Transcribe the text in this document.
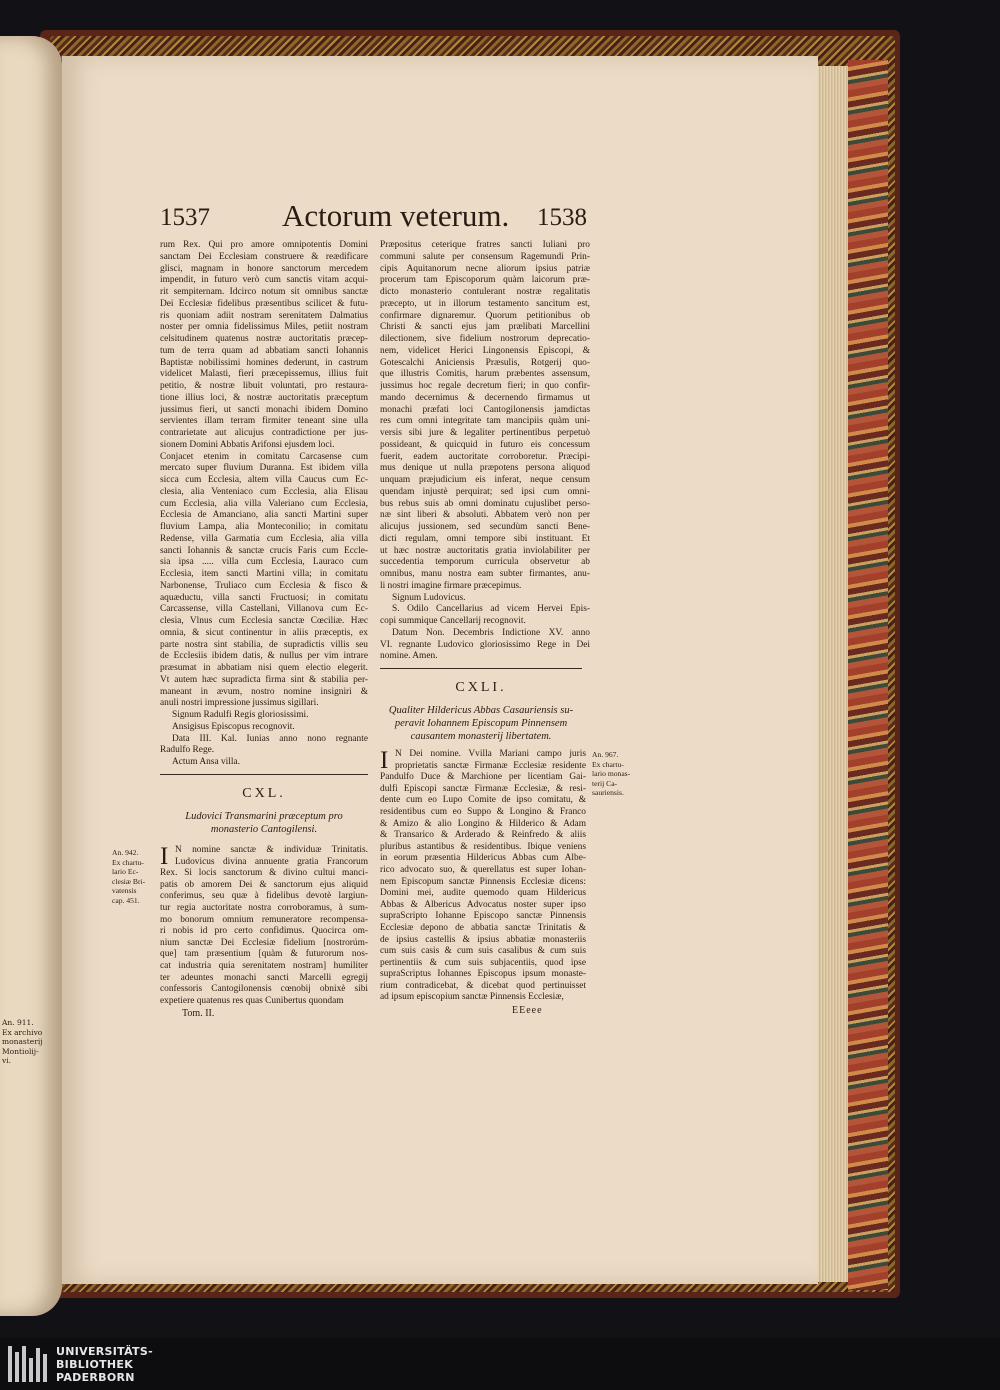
An. 911.
Ex archivo
monasterij
Montiolij-
vi.
1537 Actorum veterum. 1538
rum Rex. Qui pro amore omnipotentis Domini
sanctam Dei Ecclesiam construere & reædificare
glisci, magnam in honore sanctorum mercedem
impendit, in futuro verò cum sanctis vitam acqui-
rit sempiternam. Idcirco notum sit omnibus sanctæ
Dei Ecclesiæ fidelibus præsentibus scilicet & futu-
ris quoniam adiit nostram serenitatem Dalmatius
noster per omnia fidelissimus Miles, petiit nostram
celsitudinem quatenus nostræ auctoritatis præcep-
tum de terra quam ad abbatiam sancti Iohannis
Baptistæ nobilissimi homines dederunt, in castrum
videlicet Malasti, fieri præcepissemus, illius fuit
petitio, & nostræ libuit voluntati, pro restaura-
tione illius loci, & nostræ auctoritatis præceptum
jussimus fieri, ut sancti monachi ibidem Domino
servientes illam terram firmiter teneant sine ulla
contrarietate aut alicujus contradictione per jus-
sionem Domini Abbatis Arifonsi ejusdem loci.
Conjacet etenim in comitatu Carcasense cum
mercato super fluvium Duranna. Est ibidem villa
sicca cum Ecclesia, altem villa Caucus cum Ec-
clesia, alia Venteniaco cum Ecclesia, alia Elisau
cum Ecclesia, alia villa Valeriano cum Ecclesia,
Ecclesia de Amanciano, alia sancti Martini super
fluvium Lampa, alia Monteconilio; in comitatu
Redense, villa Garmatia cum Ecclesia, alia villa
sancti Iohannis & sanctæ crucis Faris cum Eccle-
sia ipsa ..... villa cum Ecclesia, Lauraco cum
Ecclesia, item sancti Martini villa; in comitatu
Narbonense, Truliaco cum Ecclesia & fisco &
aquæductu, villa sancti Fructuosi; in comitatu
Carcassense, villa Castellani, Villanova cum Ec-
clesia, Vlnus cum Ecclesia sanctæ Cœciliæ. Hæc
omnia, & sicut continentur in aliis præceptis, ex
parte nostra sint stabilia, de supradictis villis seu
de Ecclesiis ibidem datis, & nullus per vim intrare
præsumat in abbatiam nisi quem electio elegerit.
Vt autem hæc supradicta firma sint & stabilia per-
maneant in ævum, nostro nomine insigniri &
anuli nostri impressione jussimus sigillari.
Signum Radulfi Regis gloriosissimi.
Ansigisus Episcopus recognovit.
Data III. Kal. Iunias anno nono regnante
Radulfo Rege.
Actum Ansa villa.
Præpositus ceterique fratres sancti Iuliani pro
communi salute per consensum Ragemundi Prin-
cipis Aquitanorum necne aliorum ipsius patriæ
procerum tam Episcoporum quàm laicorum præ-
dicto monasterio contulerant nostræ regalitatis
præcepto, ut in illorum testamento sancitum est,
confirmare dignaremur. Quorum petitionibus ob
Christi & sancti ejus jam prælibati Marcellini
dilectionem, sive fidelium nostrorum deprecatio-
nem, videlicet Herici Lingonensis Episcopi, &
Gotescalchi Aniciensis Præsulis, Rotgerij quo-
que illustris Comitis, harum præbentes assensum,
jussimus hoc regale decretum fieri; in quo confir-
mando decernimus & decernendo firmamus ut
monachi præfati loci Cantogilonensis jamdictas
res cum omni integritate tam mancipiis quàm uni-
versis sibi jure & legaliter pertinentibus perpetuò
possideant, & quicquid in futuro eis concessum
fuerit, eadem auctoritate corroboretur. Præcipi-
mus denique ut nulla præpotens persona aliquod
unquam præjudicium eis inferat, neque censum
quendam injustè perquirat; sed ipsi cum omni-
bus rebus suis ab omni dominatu cujuslibet perso-
næ sint liberi & absoluti. Abbatem verò non per
alicujus jussionem, sed secundùm sancti Bene-
dicti regulam, omni tempore sibi instituant. Et
ut hæc nostræ auctoritatis gratia inviolabiliter per
succedentia temporum curricula observetur ab
omnibus, manu nostra eam subter firmantes, anu-
li nostri imagine firmare præcepimus.
Signum Ludovicus.
S. Odilo Cancellarius ad vicem Hervei Epis-
copi summique Cancellarij recognovit.
Datum Non. Decembris Indictione XV. anno
VI. regnante Ludovico gloriosissimo Rege in Dei
nomine. Amen.
CXL.
Ludovici Transmarini præceptum pro
monasterio Cantogilensi.
I N nomine sanctæ & individuæ Trinitatis.
Ludovicus divina annuente gratia Francorum
Rex. Si locis sanctorum & divino cultui manci-
patis ob amorem Dei & sanctorum ejus aliquid
conferimus, seu quæ à fidelibus devotè largiun-
tur regia auctoritate nostra corroboramus, à sum-
mo bonorum omnium remuneratore recompensa-
ri nobis id pro certo confidimus. Quocirca om-
nium sanctæ Dei Ecclesiæ fidelium [nostrorúm-
que] tam præsentium [quàm & futurorum nos-
cat industria quia serenitatem nostram] humiliter
ter adeuntes monachi sancti Marcelli egregij
confessoris Cantogilonensis cœnobij obnixè sibi
expetiere quatenus res quas Cunibertus quondam
An. 942.
Ex chartu-
lario Ec-
clesiæ Bri-
vatensis
cap. 451.
Tom. II.
CXLI.
Qualiter Hildericus Abbas Casauriensis su-
peravit Iohannem Episcopum Pinnensem
causantem monasterij libertatem.
I N Dei nomine. Vvilla Mariani campo juris
proprietatis sanctæ Firmanæ Ecclesiæ residente
Pandulfo Duce & Marchione per licentiam Gai-
dulfi Episcopi sanctæ Firmanæ Ecclesiæ, & resi-
dente cum eo Lupo Comite de ipso comitatu, &
residentibus cum eo Suppo & Longino & Franco
& Amizo & alio Longino & Hilderico & Adam
& Transarico & Arderado & Reinfredo & aliis
pluribus astantibus & residentibus. Ibique veniens
in eorum præsentia Hildericus Abbas cum Albe-
rico advocato suo, & querellatus est super Iohan-
nem Episcopum sanctæ Pinnensis Ecclesiæ dicens:
Domini mei, audite quemodo quam Hildericus
Abbas & Albericus Advocatus noster super ipso
supraScripto Iohanne Episcopo sanctæ Pinnensis
Ecclesiæ depono de abbatia sanctæ Trinitatis &
de ipsius castellis & ipsius abbatiæ monasteriis
cum suis casis & cum suis casalibus & cum suis
pertinentiis & cum suis subjacentiis, quod ipse
supraScriptus Iohannes Episcopus ipsum monaste-
rium contradicebat, & dicebat quod pertinuisset
ad ipsum episcopium sanctæ Pinnensis Ecclesiæ,
An. 967.
Ex chartu-
lario monas-
terij Ca-
sauriensis.
EEeee
UNIVERSITÄTS-
BIBLIOTHEK
PADERBORN
